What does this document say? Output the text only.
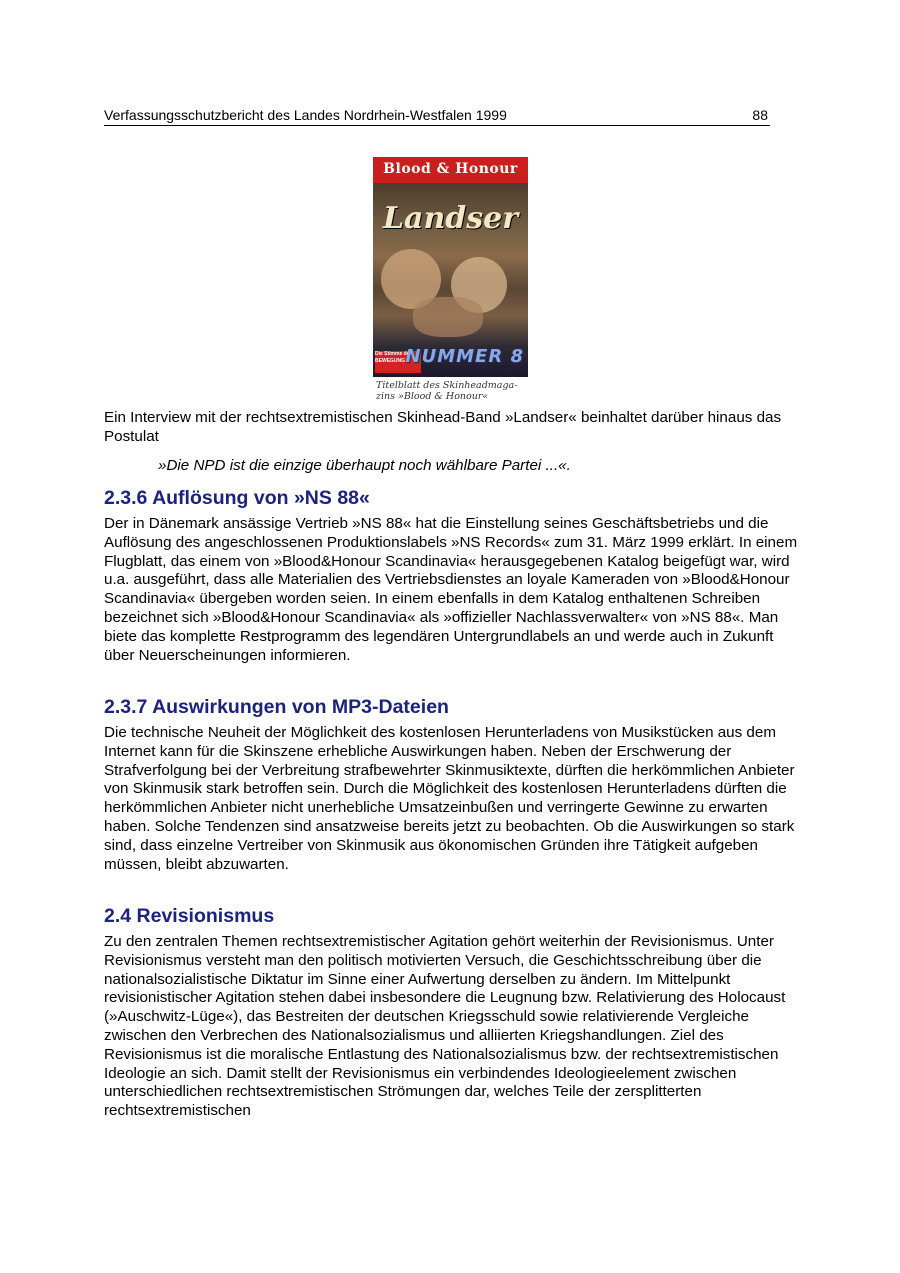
Verfassungsschutzbericht des Landes Nordrhein-Westfalen 1999	88
Blood & Honour
Landser
Die Stimme der BEWEGUNG NUMMER 8
Titelblatt des Skinheadmaga-
zins »Blood & Honour«

Ein Interview mit der rechtsextremistischen Skinhead-Band »Landser« beinhaltet darüber hinaus das Postulat

»Die NPD ist die einzige überhaupt noch wählbare Partei ...«.

2.3.6 Auflösung von »NS 88«

Der in Dänemark ansässige Vertrieb »NS 88« hat die Einstellung seines Geschäftsbetriebs und die Auflösung des angeschlossenen Produktionslabels »NS Records« zum 31. März 1999 erklärt. In einem Flugblatt, das einem von »Blood&Honour Scandinavia« herausgegebenen Katalog beigefügt war, wird u.a. ausgeführt, dass alle Materialien des Vertriebsdienstes an loyale Kameraden von »Blood&Honour Scandinavia« übergeben worden seien. In einem ebenfalls in dem Katalog enthaltenen Schreiben bezeichnet sich »Blood&Honour Scandinavia« als »offizieller Nachlassverwalter« von »NS 88«. Man biete das komplette Restprogramm des legendären Untergrundlabels an und werde auch in Zukunft über Neuerscheinungen informieren.

2.3.7 Auswirkungen von MP3-Dateien

Die technische Neuheit der Möglichkeit des kostenlosen Herunterladens von Musikstücken aus dem Internet kann für die Skinszene erhebliche Auswirkungen haben. Neben der Erschwerung der Strafverfolgung bei der Verbreitung strafbewehrter Skinmusiktexte, dürften die herkömmlichen Anbieter von Skinmusik stark betroffen sein. Durch die Möglichkeit des kostenlosen Herunterladens dürften die herkömmlichen Anbieter nicht unerhebliche Umsatzeinbußen und verringerte Gewinne zu erwarten haben. Solche Tendenzen sind ansatzweise bereits jetzt zu beobachten. Ob die Auswirkungen so stark sind, dass einzelne Vertreiber von Skinmusik aus ökonomischen Gründen ihre Tätigkeit aufgeben müssen, bleibt abzuwarten.

2.4 Revisionismus

Zu den zentralen Themen rechtsextremistischer Agitation gehört weiterhin der Revisionismus. Unter Revisionismus versteht man den politisch motivierten Versuch, die Geschichtsschreibung über die nationalsozialistische Diktatur im Sinne einer Aufwertung derselben zu ändern. Im Mittelpunkt revisionistischer Agitation stehen dabei insbesondere die Leugnung bzw. Relativierung des Holocaust (»Auschwitz-Lüge«), das Bestreiten der deutschen Kriegsschuld sowie relativierende Vergleiche zwischen den Verbrechen des Nationalsozialismus und alliierten Kriegshandlungen. Ziel des Revisionismus ist die moralische Entlastung des Nationalsozialismus bzw. der rechtsextremistischen Ideologie an sich. Damit stellt der Revisionismus ein verbindendes Ideologieelement zwischen unterschiedlichen rechtsextremistischen Strömungen dar, welches Teile der zersplitterten rechtsextremistischen
